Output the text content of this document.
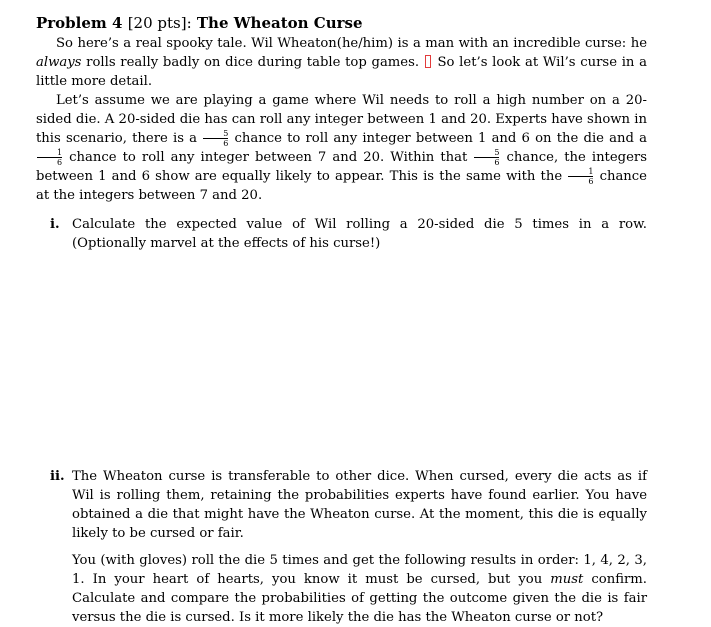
Problem 4 [20 pts]: The Wheaton Curse

So here’s a real spooky tale. Wil Wheaton(he/him) is a man with an incredible curse: he always rolls really badly on dice during table top games.  So let’s look at Wil’s curse in a little more detail.

Let’s assume we are playing a game where Wil needs to roll a high number on a 20-sided die. A 20-sided die has can roll any integer between 1 and 20. Experts have shown in this scenario, there is a $\frac{5}{6}$ chance to roll any integer between 1 and 6 on the die and a
$\frac{1}{6}$ chance to roll any integer between 7 and 20. Within that $\frac{5}{6}$ chance, the integers between 1 and 6 show are equally likely to appear. This is the same with the $\frac{1}{6}$ chance at the integers between 7 and 20.

i. Calculate the expected value of Wil rolling a 20-sided die 5 times in a row. (Optionally marvel at the effects of his curse!)

ii. The Wheaton curse is transferable to other dice. When cursed, every die acts as if Wil is rolling them, retaining the probabilities experts have found earlier. You have obtained a die that might have the Wheaton curse. At the moment, this die is equally likely to be cursed or fair.

You (with gloves) roll the die 5 times and get the following results in order: 1, 4, 2, 3, 1. In your heart of hearts, you know it must be cursed, but you must confirm. Calculate and compare the probabilities of getting the outcome given the die is fair versus the die is cursed. Is it more likely the die has the Wheaton curse or not?
